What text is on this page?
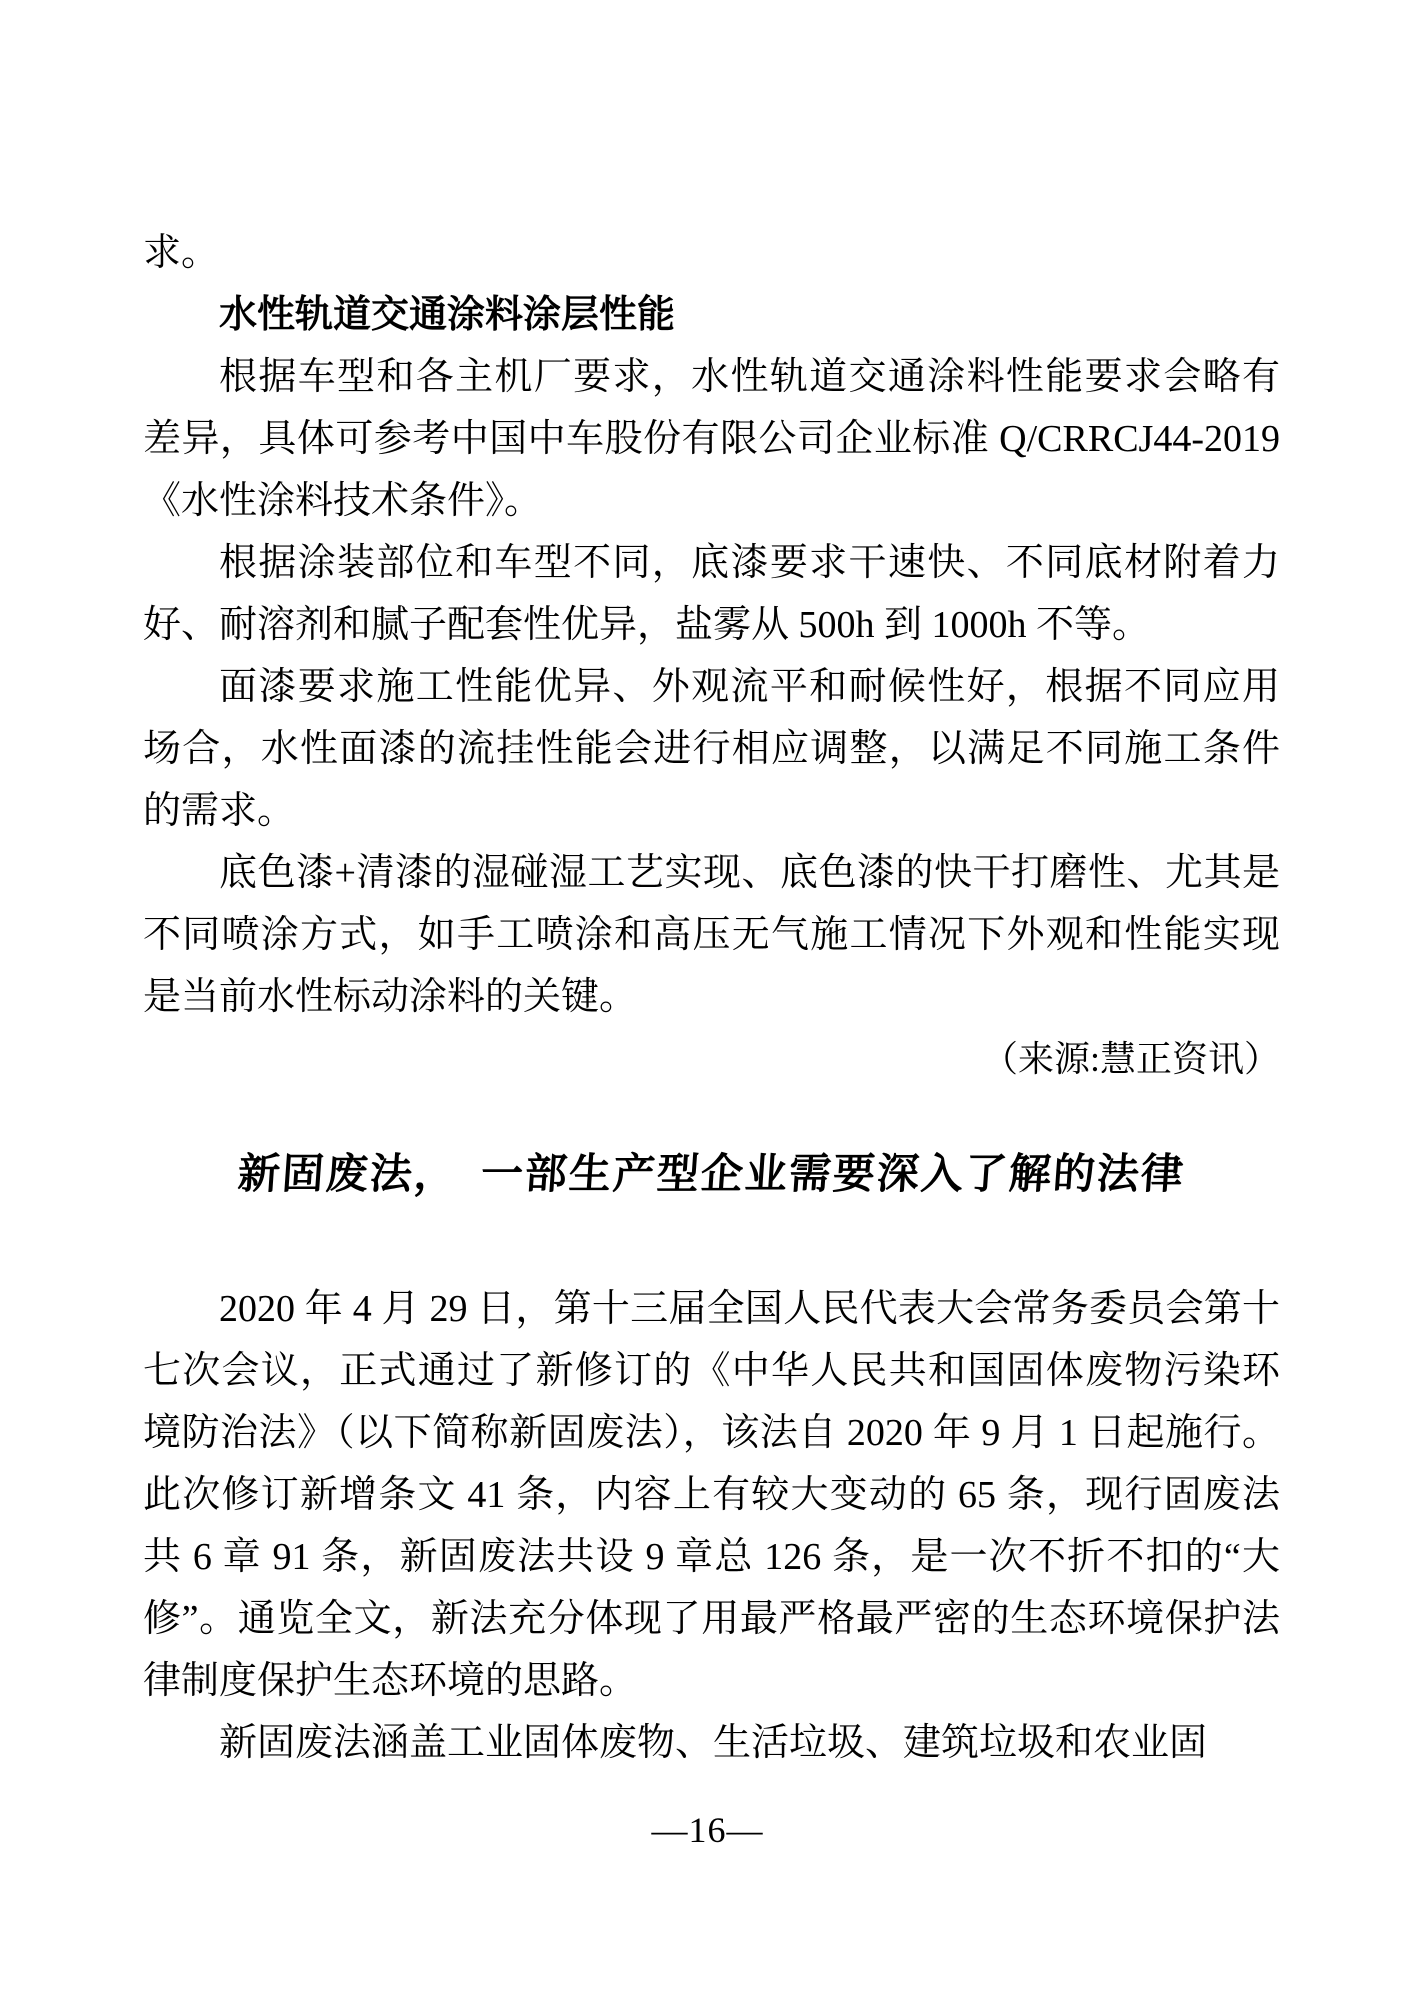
求。

水性轨道交通涂料涂层性能

根据车型和各主机厂要求，水性轨道交通涂料性能要求会略有差异，具体可参考中国中车股份有限公司企业标准 Q/CRRCJ44-2019《水性涂料技术条件》。

根据涂装部位和车型不同，底漆要求干速快、不同底材附着力好、耐溶剂和腻子配套性优异，盐雾从 500h 到 1000h 不等。

面漆要求施工性能优异、外观流平和耐候性好，根据不同应用场合，水性面漆的流挂性能会进行相应调整，以满足不同施工条件的需求。

底色漆+清漆的湿碰湿工艺实现、底色漆的快干打磨性、尤其是不同喷涂方式，如手工喷涂和高压无气施工情况下外观和性能实现是当前水性标动涂料的关键。

（来源:慧正资讯）

新固废法，　一部生产型企业需要深入了解的法律

2020 年 4 月 29 日，第十三届全国人民代表大会常务委员会第十七次会议，正式通过了新修订的《中华人民共和国固体废物污染环境防治法》（以下简称新固废法），该法自 2020 年 9 月 1 日起施行。此次修订新增条文 41 条，内容上有较大变动的 65 条，现行固废法共 6 章 91 条，新固废法共设 9 章总 126 条，是一次不折不扣的“大修”。通览全文，新法充分体现了用最严格最严密的生态环境保护法律制度保护生态环境的思路。

新固废法涵盖工业固体废物、生活垃圾、建筑垃圾和农业固

—16—
